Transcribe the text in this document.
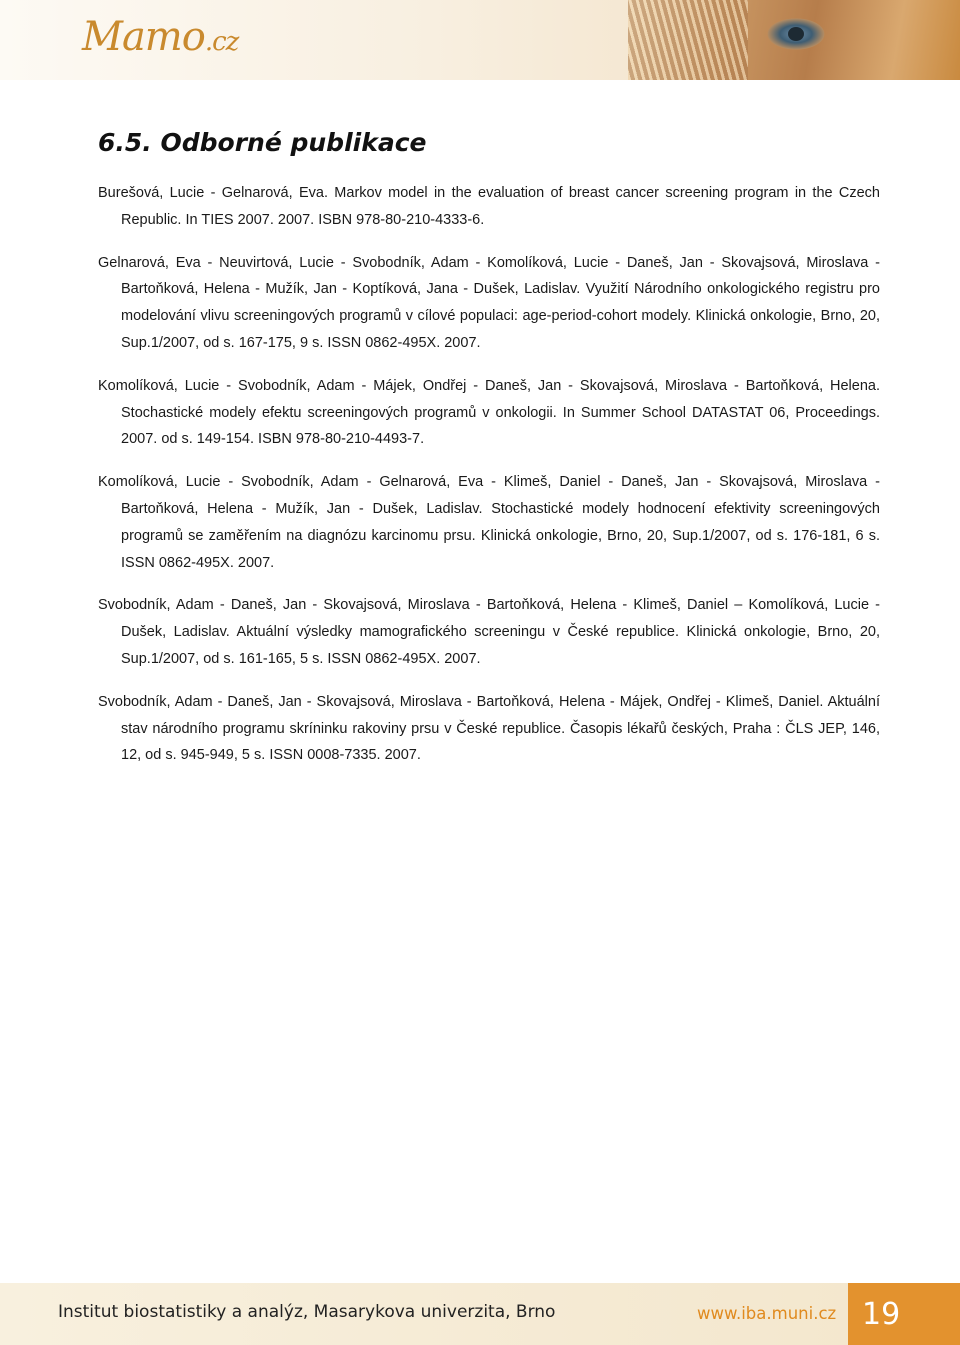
Mamo.cz
6.5. Odborné publikace

Burešová, Lucie - Gelnarová, Eva. Markov model in the evaluation of breast cancer screening program in the Czech Republic. In TIES 2007. 2007. ISBN 978-80-210-4333-6.

Gelnarová, Eva - Neuvirtová, Lucie - Svobodník, Adam - Komolíková, Lucie - Daneš, Jan - Skovajsová, Miroslava - Bartoňková, Helena - Mužík, Jan - Koptíková, Jana - Dušek, Ladislav. Využití Národního onkologického registru pro modelování vlivu screeningových programů v cílové populaci: age-period-cohort modely. Klinická onkologie, Brno, 20, Sup.1/2007, od s. 167-175, 9 s. ISSN 0862-495X. 2007.

Komolíková, Lucie - Svobodník, Adam - Májek, Ondřej - Daneš, Jan - Skovajsová, Miroslava - Bartoňková, Helena. Stochastické modely efektu screeningových programů v onkologii. In Summer School DATASTAT 06, Proceedings. 2007. od s. 149-154. ISBN 978-80-210-4493-7.

Komolíková, Lucie - Svobodník, Adam - Gelnarová, Eva - Klimeš, Daniel - Daneš, Jan - Skovajsová, Miroslava - Bartoňková, Helena - Mužík, Jan - Dušek, Ladislav. Stochastické modely hodnocení efektivity screeningových programů se zaměřením na diagnózu karcinomu prsu. Klinická onkologie, Brno, 20, Sup.1/2007, od s. 176-181, 6 s. ISSN 0862-495X. 2007.

Svobodník, Adam - Daneš, Jan - Skovajsová, Miroslava - Bartoňková, Helena - Klimeš, Daniel – Komolíková, Lucie - Dušek, Ladislav. Aktuální výsledky mamografického screeningu v České republice. Klinická onkologie, Brno, 20, Sup.1/2007, od s. 161-165, 5 s. ISSN 0862-495X. 2007.

Svobodník, Adam - Daneš, Jan - Skovajsová, Miroslava - Bartoňková, Helena - Májek, Ondřej - Klimeš, Daniel. Aktuální stav národního programu skríninku rakoviny prsu v České republice. Časopis lékařů českých, Praha : ČLS JEP, 146, 12, od s. 945-949, 5 s. ISSN 0008-7335. 2007.

Institut biostatistiky a analýz, Masarykova univerzita, Brno	www.iba.muni.cz 19
